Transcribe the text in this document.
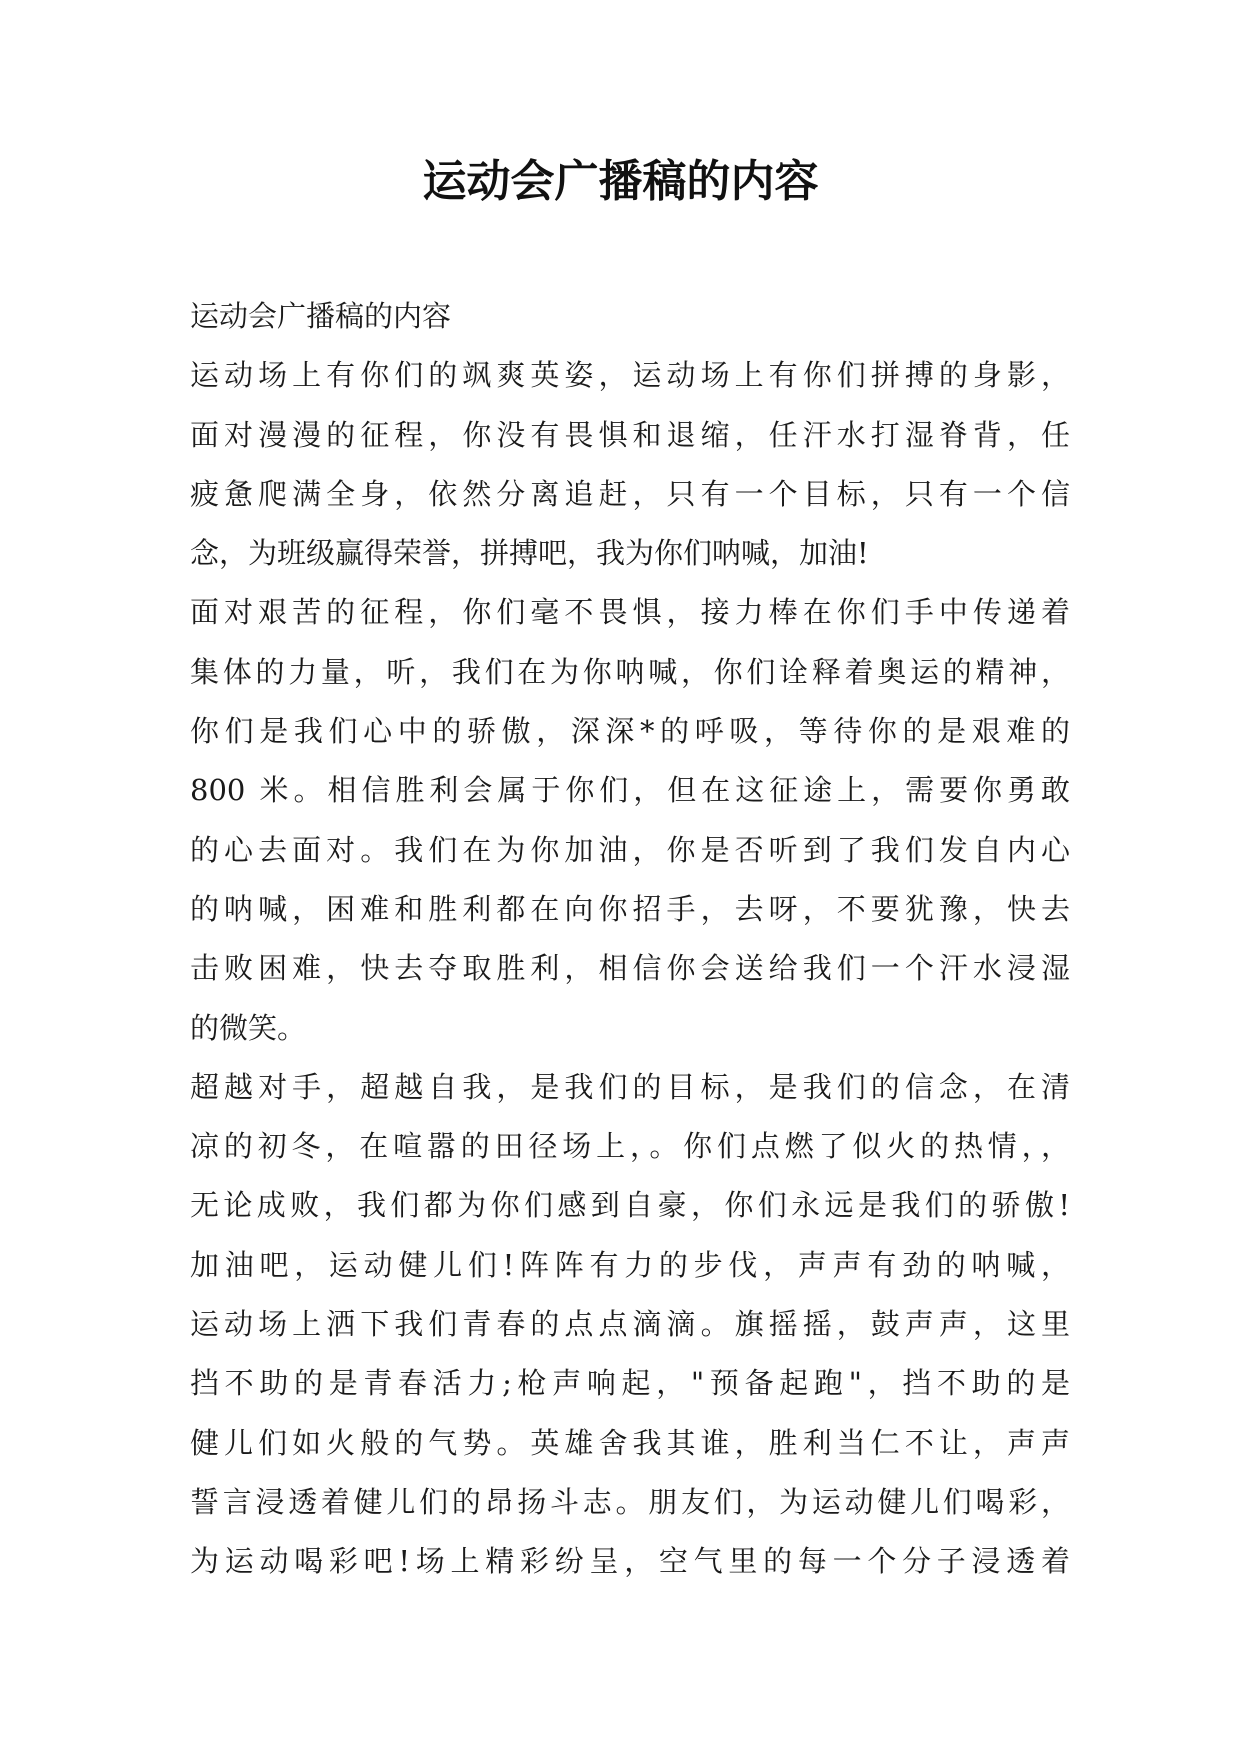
运动会广播稿的内容
运动会广播稿的内容
运动场上有你们的飒爽英姿，运动场上有你们拼搏的身影，
面对漫漫的征程，你没有畏惧和退缩，任汗水打湿脊背，任
疲惫爬满全身，依然分离追赶，只有一个目标，只有一个信
念，为班级赢得荣誉，拼搏吧，我为你们呐喊，加油!
面对艰苦的征程，你们毫不畏惧，接力棒在你们手中传递着
集体的力量，听，我们在为你呐喊，你们诠释着奥运的精神，
你们是我们心中的骄傲，深深*的呼吸，等待你的是艰难的
800 米。相信胜利会属于你们，但在这征途上，需要你勇敢
的心去面对。我们在为你加油，你是否听到了我们发自内心
的呐喊，困难和胜利都在向你招手，去呀，不要犹豫，快去
击败困难，快去夺取胜利，相信你会送给我们一个汗水浸湿
的微笑。
超越对手，超越自我，是我们的目标，是我们的信念，在清
凉的初冬，在喧嚣的田径场上，。你们点燃了似火的热情，，
无论成败，我们都为你们感到自豪，你们永远是我们的骄傲!
加油吧，运动健儿们!阵阵有力的步伐，声声有劲的呐喊，
运动场上洒下我们青春的点点滴滴。旗摇摇，鼓声声，这里
挡不助的是青春活力;枪声响起，"预备起跑"，挡不助的是
健儿们如火般的气势。英雄舍我其谁，胜利当仁不让，声声
誓言浸透着健儿们的昂扬斗志。朋友们，为运动健儿们喝彩，
为运动喝彩吧!场上精彩纷呈，空气里的每一个分子浸透着
